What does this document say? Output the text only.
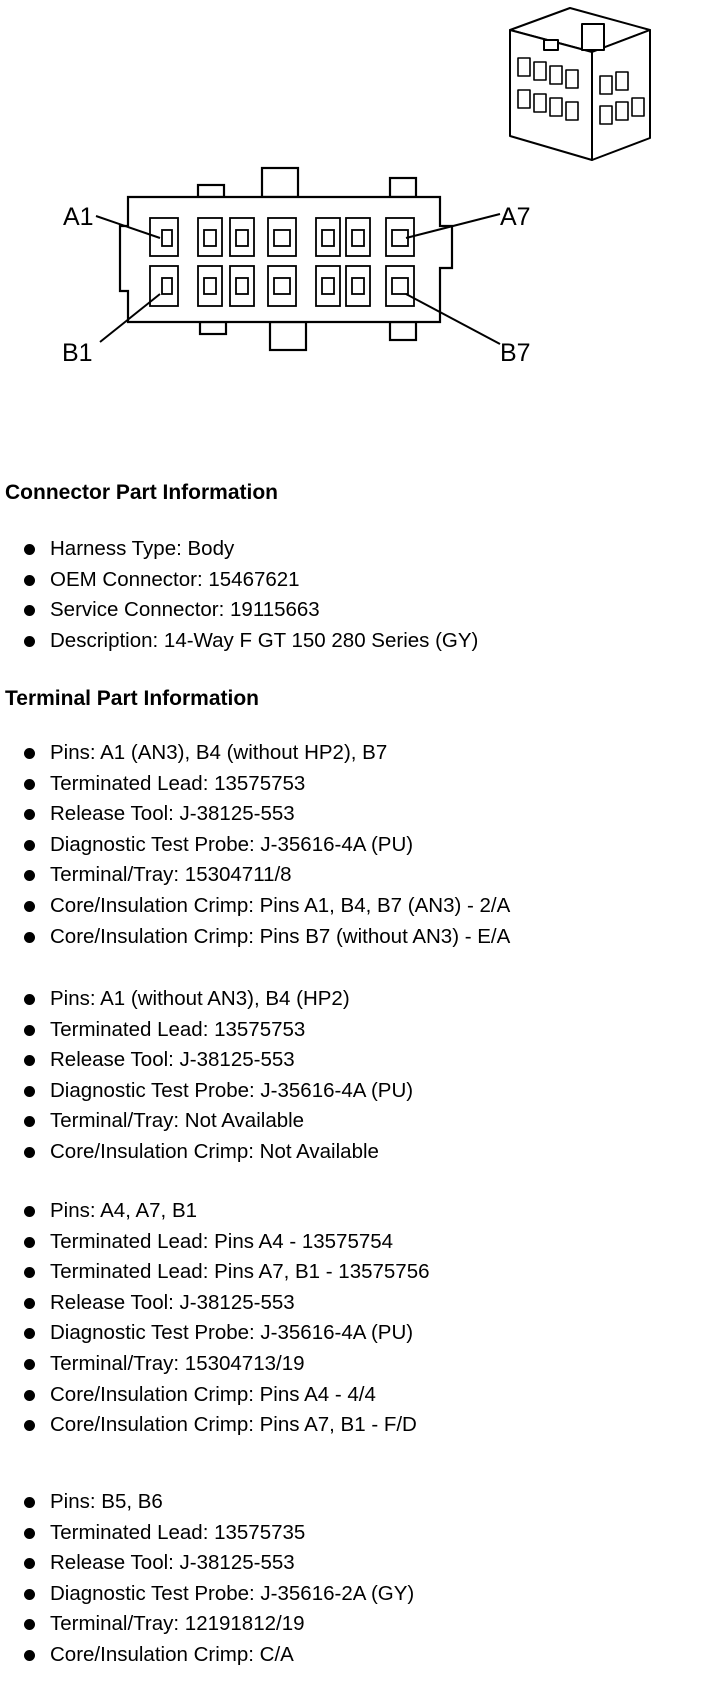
A1	A7
B1	B7
Connector Part Information
Harness Type: Body
OEM Connector: 15467621
Service Connector: 19115663
Description: 14-Way F GT 150 280 Series (GY)
Terminal Part Information
Pins: A1 (AN3), B4 (without HP2), B7
Terminated Lead: 13575753
Release Tool: J-38125-553
Diagnostic Test Probe: J-35616-4A (PU)
Terminal/Tray: 15304711/8
Core/Insulation Crimp: Pins A1, B4, B7 (AN3) - 2/A
Core/Insulation Crimp: Pins B7 (without AN3) - E/A
Pins: A1 (without AN3), B4 (HP2)
Terminated Lead: 13575753
Release Tool: J-38125-553
Diagnostic Test Probe: J-35616-4A (PU)
Terminal/Tray: Not Available
Core/Insulation Crimp: Not Available
Pins: A4, A7, B1
Terminated Lead: Pins A4 - 13575754
Terminated Lead: Pins A7, B1 - 13575756
Release Tool: J-38125-553
Diagnostic Test Probe: J-35616-4A (PU)
Terminal/Tray: 15304713/19
Core/Insulation Crimp: Pins A4 - 4/4
Core/Insulation Crimp: Pins A7, B1 - F/D
Pins: B5, B6
Terminated Lead: 13575735
Release Tool: J-38125-553
Diagnostic Test Probe: J-35616-2A (GY)
Terminal/Tray: 12191812/19
Core/Insulation Crimp: C/A
